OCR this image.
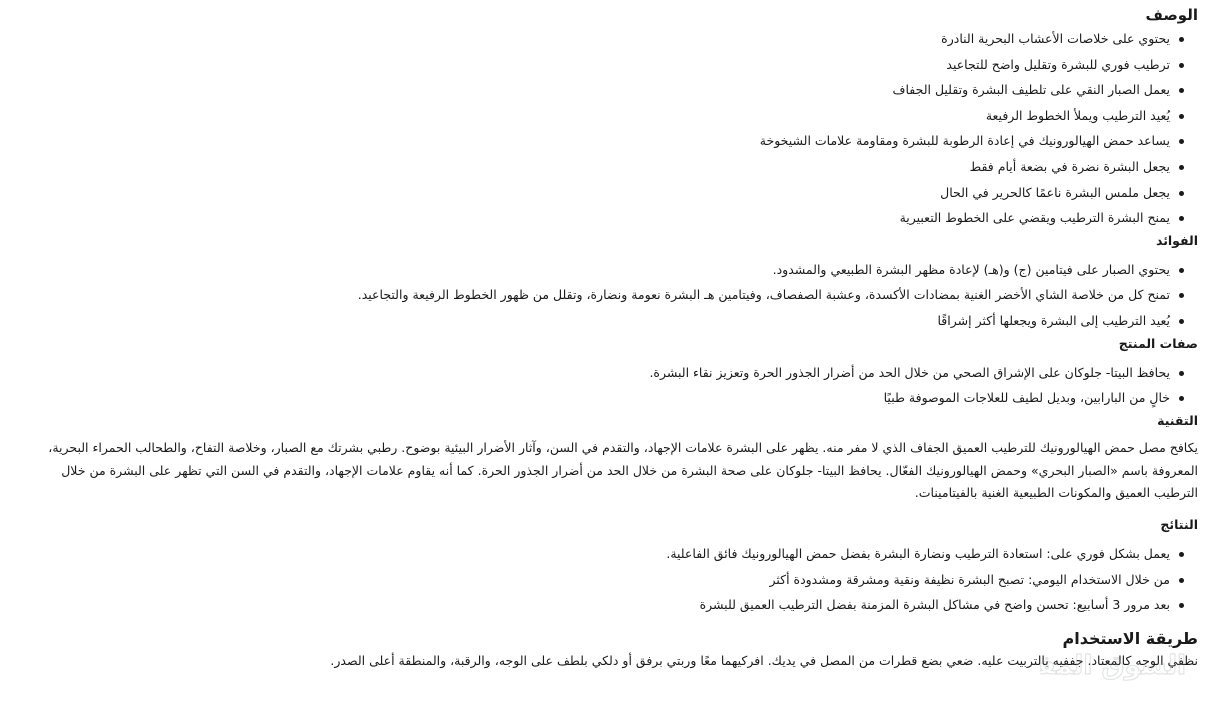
الوصف
يحتوي على خلاصات الأعشاب البحرية النادرة
ترطيب فوري للبشرة وتقليل واضح للتجاعيد
يعمل الصبار النقي على تلطيف البشرة وتقليل الجفاف
يُعيد الترطيب ويملأ الخطوط الرفيعة
يساعد حمض الهيالورونيك في إعادة الرطوبة للبشرة ومقاومة علامات الشيخوخة
يجعل البشرة نضرة في بضعة أيام فقط
يجعل ملمس البشرة ناعمًا كالحرير في الحال
يمنح البشرة الترطيب ويقضي على الخطوط التعبيرية
الفوائد
يحتوي الصبار على فيتامين (ج) و(هـ) لإعادة مظهر البشرة الطبيعي والمشدود.
تمنح كل من خلاصة الشاي الأخضر الغنية بمضادات الأكسدة، وعشبة الصفصاف، وفيتامين هـ البشرة نعومة ونضارة، وتقلل من ظهور الخطوط الرفيعة والتجاعيد.
يُعيد الترطيب إلى البشرة ويجعلها أكثر إشراقًا
صفات المنتج
يحافظ البيتا- جلوكان على الإشراق الصحي من خلال الحد من أضرار الجذور الحرة وتعزيز نقاء البشرة.
خالٍ من البارابين، وبديل لطيف للعلاجات الموصوفة طبيًا
التقنية

يكافح مصل حمض الهيالورونيك للترطيب العميق الجفاف الذي لا مفر منه. يظهر على البشرة علامات الإجهاد، والتقدم في السن، وآثار الأضرار البيئية بوضوح. رطبي بشرتك مع الصبار، وخلاصة التفاح، والطحالب الحمراء البحرية،
المعروفة باسم «الصبار البحري» وحمض الهيالورونيك الفعّال. يحافظ البيتا- جلوكان على صحة البشرة من خلال الحد من أضرار الجذور الحرة. كما أنه يقاوم علامات الإجهاد، والتقدم في السن التي تظهر على البشرة من خلال
الترطيب العميق والمكونات الطبيعية الغنية بالفيتامينات.

النتائج
يعمل بشكل فوري على: استعادة الترطيب ونضارة البشرة بفضل حمض الهيالورونيك فائق الفاعلية.
من خلال الاستخدام اليومي: تصبح البشرة نظيفة ونقية ومشرقة ومشدودة أكثر
بعد مرور 3 أسابيع: تحسن واضح في مشاكل البشرة المزمنة بفضل الترطيب العميق للبشرة
طريقة الاستخدام

نظفي الوجه كالمعتاد. جففيه بالتربيت عليه. ضعي بضع قطرات من المصل في يديك. افركيهما معًا وربتي برفق أو دلكي بلطف على الوجه، والرقبة، والمنطقة أعلى الصدر.

السوق المف
